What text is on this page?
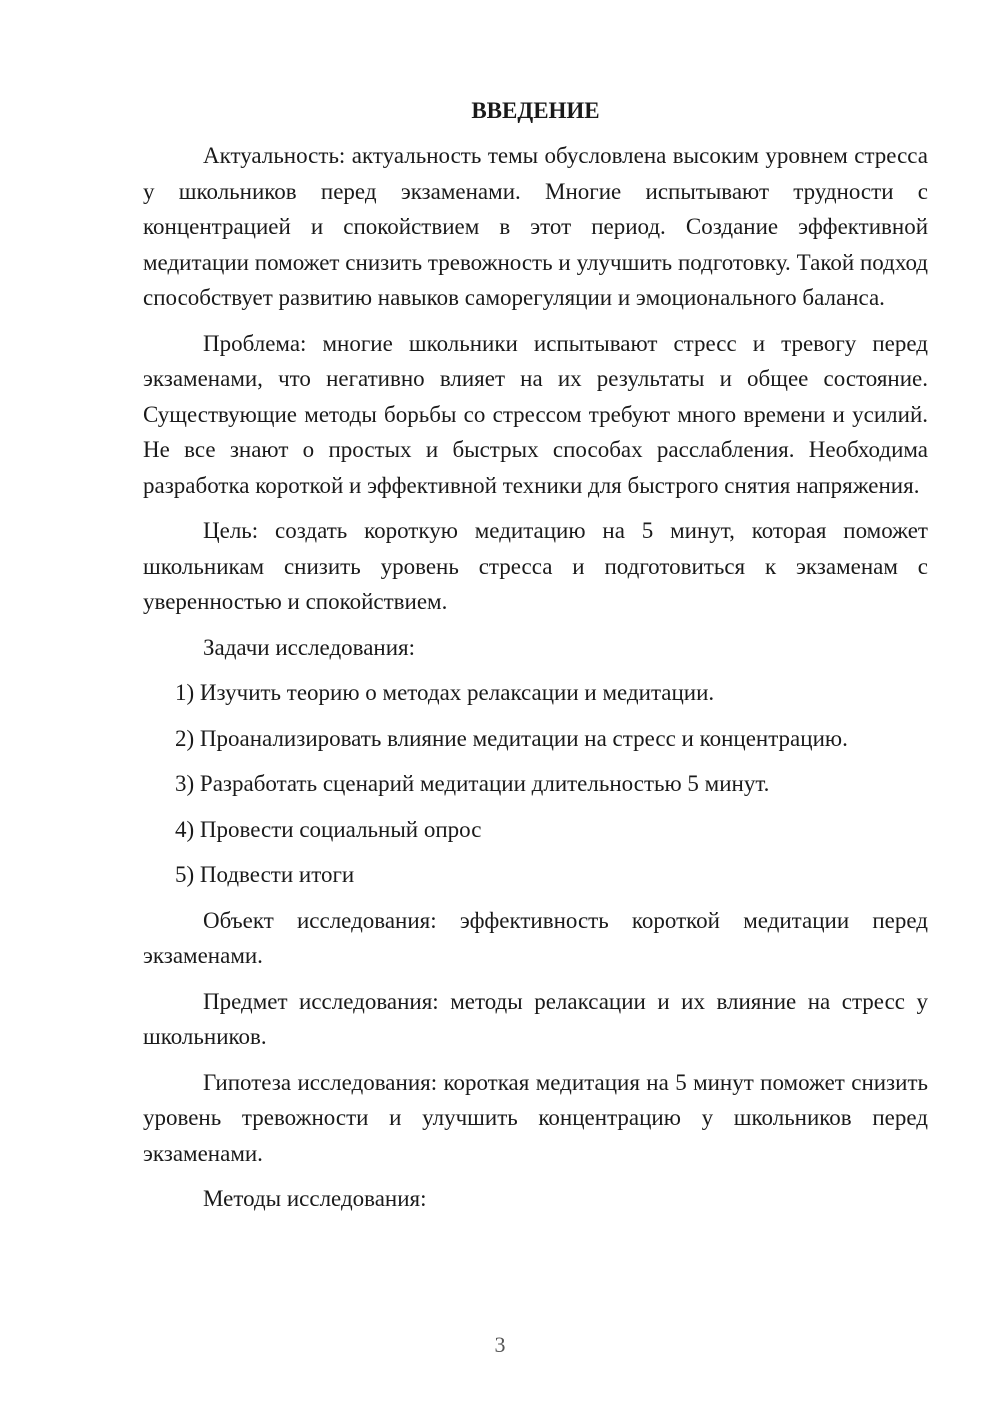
ВВЕДЕНИЕ

Актуальность: актуальность темы обусловлена высоким уровнем стресса у школьников перед экзаменами. Многие испытывают трудности с концентрацией и спокойствием в этот период. Создание эффективной медитации поможет снизить тревожность и улучшить подготовку. Такой подход способствует развитию навыков саморегуляции и эмоционального баланса.

Проблема: многие школьники испытывают стресс и тревогу перед экзаменами, что негативно влияет на их результаты и общее состояние. Существующие методы борьбы со стрессом требуют много времени и усилий. Не все знают о простых и быстрых способах расслабления. Необходима разработка короткой и эффективной техники для быстрого снятия напряжения.

Цель: создать короткую медитацию на 5 минут, которая поможет школьникам снизить уровень стресса и подготовиться к экзаменам с уверенностью и спокойствием.

Задачи исследования:

1) Изучить теорию о методах релаксации и медитации.
2) Проанализировать влияние медитации на стресс и концентрацию.
3) Разработать сценарий медитации длительностью 5 минут.
4) Провести социальный опрос
5) Подвести итоги

Объект исследования: эффективность короткой медитации перед экзаменами.

Предмет исследования: методы релаксации и их влияние на стресс у школьников.

Гипотеза исследования: короткая медитация на 5 минут поможет снизить уровень тревожности и улучшить концентрацию у школьников перед экзаменами.

Методы исследования:

3
